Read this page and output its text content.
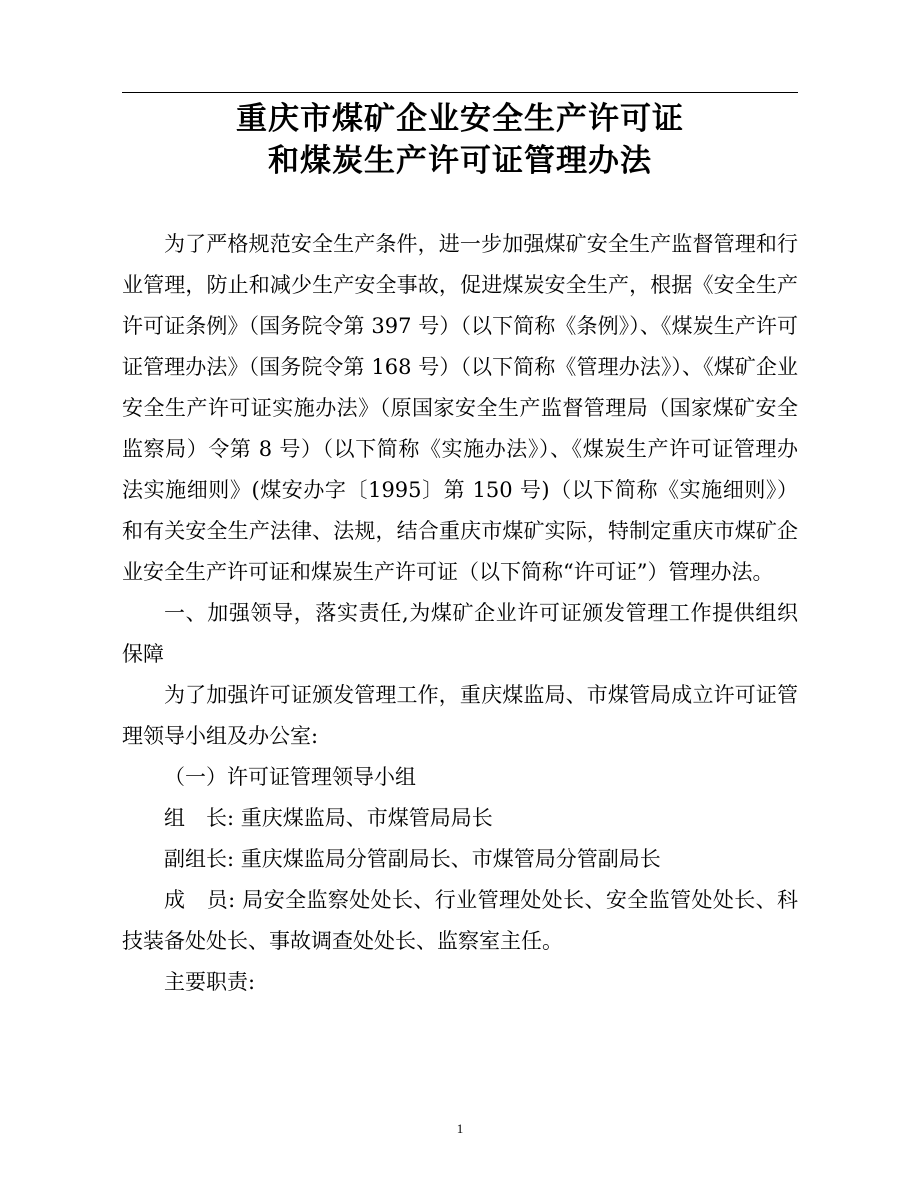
重庆市煤矿企业安全生产许可证
和煤炭生产许可证管理办法

为了严格规范安全生产条件，进一步加强煤矿安全生产监督管理和行业管理，防止和减少生产安全事故，促进煤炭安全生产，根据《安全生产许可证条例》（国务院令第 397 号）（以下简称《条例》）、《煤炭生产许可证管理办法》（国务院令第 168 号）（以下简称《管理办法》）、《煤矿企业安全生产许可证实施办法》（原国家安全生产监督管理局（国家煤矿安全监察局）令第 8 号）（以下简称《实施办法》）、《煤炭生产许可证管理办法实施细则》(煤安办字〔1995〕第 150 号)（以下简称《实施细则》）和有关安全生产法律、法规，结合重庆市煤矿实际，特制定重庆市煤矿企业安全生产许可证和煤炭生产许可证（以下简称“许可证”）管理办法。

一、加强领导，落实责任,为煤矿企业许可证颁发管理工作提供组织保障

为了加强许可证颁发管理工作，重庆煤监局、市煤管局成立许可证管理领导小组及办公室:

（一）许可证管理领导小组

组　长: 重庆煤监局、市煤管局局长

副组长: 重庆煤监局分管副局长、市煤管局分管副局长

成　员: 局安全监察处处长、行业管理处处长、安全监管处处长、科技装备处处长、事故调查处处长、监察室主任。

主要职责:

1
